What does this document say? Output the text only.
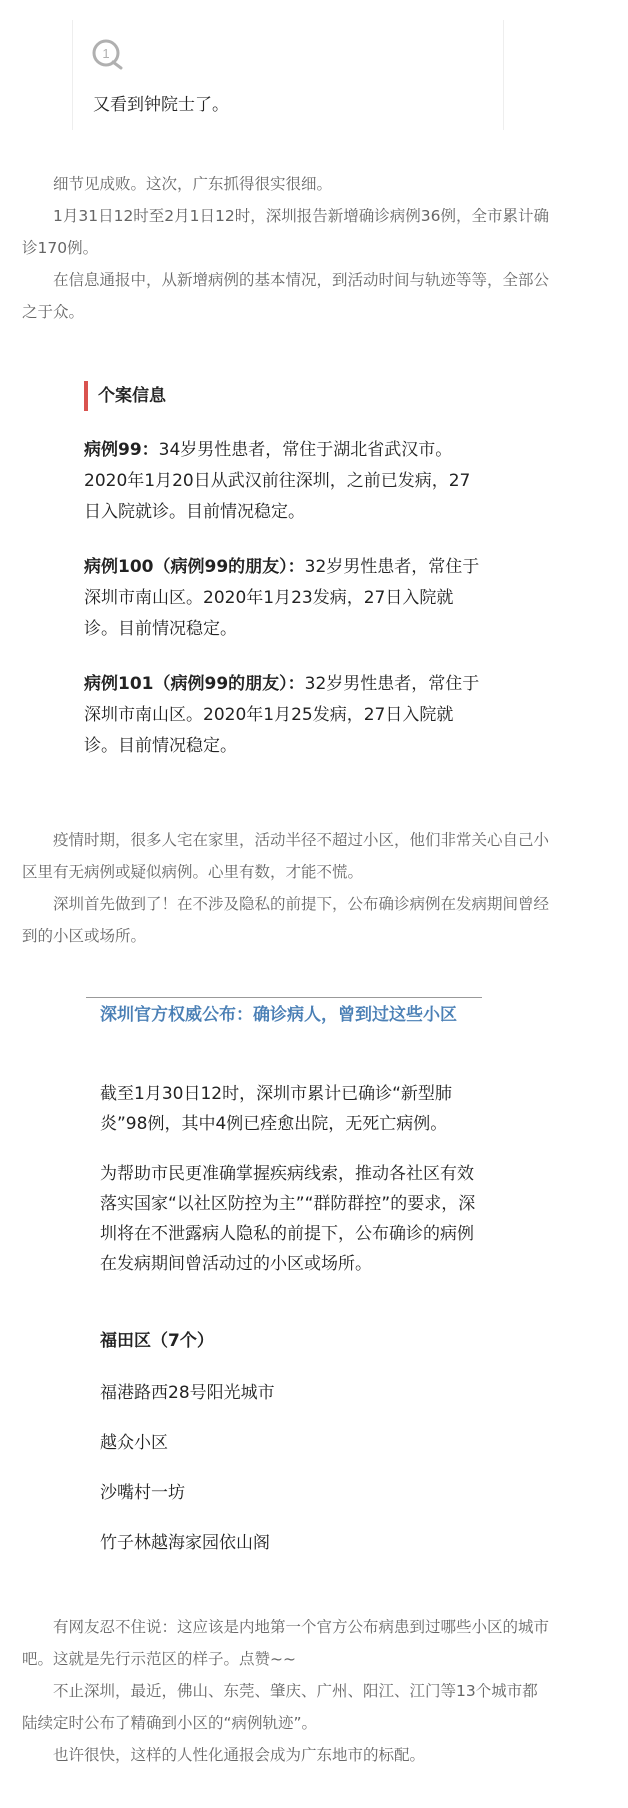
1
又看到钟院士了。

细节见成败。这次，广东抓得很实很细。

1月31日12时至2月1日12时，深圳报告新增确诊病例36例，全市累计确诊170例。

在信息通报中，从新增病例的基本情况，到活动时间与轨迹等等，全部公之于众。

个案信息

病例99：34岁男性患者，常住于湖北省武汉市。2020年1月20日从武汉前往深圳，之前已发病，27日入院就诊。目前情况稳定。

病例100（病例99的朋友）：32岁男性患者，常住于深圳市南山区。2020年1月23发病，27日入院就诊。目前情况稳定。

病例101（病例99的朋友）：32岁男性患者，常住于深圳市南山区。2020年1月25发病，27日入院就诊。目前情况稳定。

疫情时期，很多人宅在家里，活动半径不超过小区，他们非常关心自己小区里有无病例或疑似病例。心里有数，才能不慌。

深圳首先做到了！在不涉及隐私的前提下，公布确诊病例在发病期间曾经到的小区或场所。

深圳官方权威公布：确诊病人，曾到过这些小区

截至1月30日12时，深圳市累计已确诊“新型肺炎”98例，其中4例已痊愈出院，无死亡病例。

为帮助市民更准确掌握疾病线索，推动各社区有效落实国家“以社区防控为主”“群防群控”的要求，深圳将在不泄露病人隐私的前提下，公布确诊的病例在发病期间曾活动过的小区或场所。

福田区（7个）

福港路西28号阳光城市

越众小区

沙嘴村一坊

竹子林越海家园依山阁

有网友忍不住说：这应该是内地第一个官方公布病患到过哪些小区的城市吧。这就是先行示范区的样子。点赞~~

不止深圳，最近，佛山、东莞、肇庆、广州、阳江、江门等13个城市都陆续定时公布了精确到小区的“病例轨迹”。

也许很快，这样的人性化通报会成为广东地市的标配。
